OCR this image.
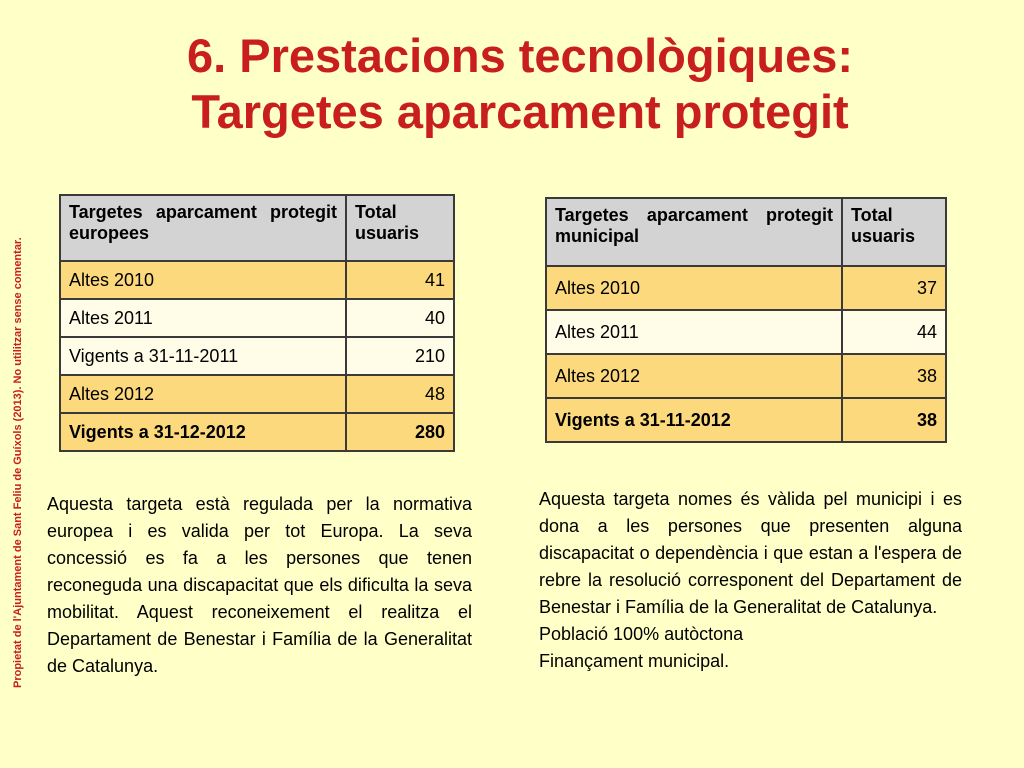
Propietat de l'Ajuntament de Sant Feliu de Guíxols (2013). No utilitzar sense comentar.
6. Prestacions tecnològiques:
Targetes aparcament protegit
Targetes aparcament protegit europees	Total usuaris
Altes 2010	41
Altes 2011	40
Vigents a 31-11-2011	210
Altes 2012	48
Vigents a 31-12-2012	280
Targetes aparcament protegit municipal	Total usuaris
Altes 2010	37
Altes 2011	44
Altes 2012	38
Vigents a 31-11-2012	38

Aquesta targeta està regulada per la normativa europea i es valida per tot Europa. La seva concessió es fa a les persones que tenen reconeguda una discapacitat que els dificulta la seva mobilitat. Aquest reconeixement el realitza el Departament de Benestar i Família de la Generalitat de Catalunya.

Aquesta targeta nomes és vàlida pel municipi i es dona a les persones que presenten alguna discapacitat o dependència i que estan a l'espera de rebre la resolució corresponent del Departament de Benestar i Família de la Generalitat de Catalunya.
Població 100% autòctona
Finançament municipal.
